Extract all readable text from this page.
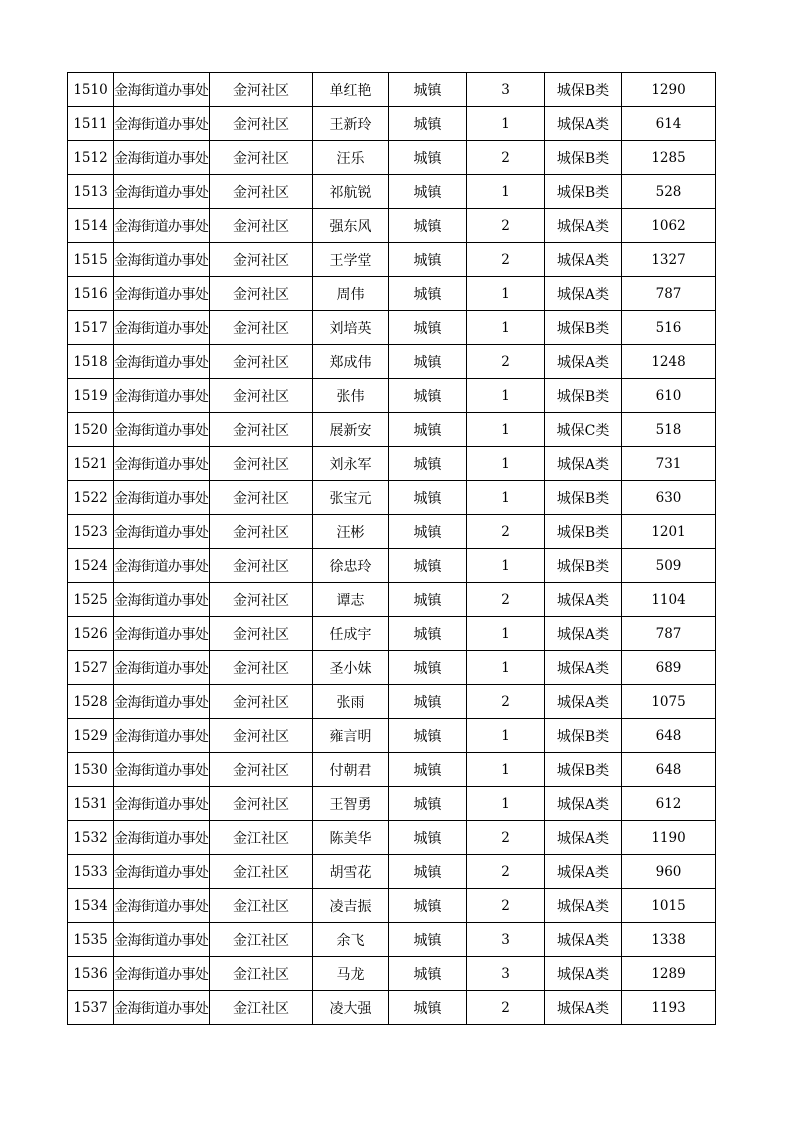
1510	金海街道办事处	金河社区	单红艳	城镇	3	城保B类	1290
1511	金海街道办事处	金河社区	王新玲	城镇	1	城保A类	614
1512	金海街道办事处	金河社区	汪乐	城镇	2	城保B类	1285
1513	金海街道办事处	金河社区	祁航锐	城镇	1	城保B类	528
1514	金海街道办事处	金河社区	强东风	城镇	2	城保A类	1062
1515	金海街道办事处	金河社区	王学堂	城镇	2	城保A类	1327
1516	金海街道办事处	金河社区	周伟	城镇	1	城保A类	787
1517	金海街道办事处	金河社区	刘培英	城镇	1	城保B类	516
1518	金海街道办事处	金河社区	郑成伟	城镇	2	城保A类	1248
1519	金海街道办事处	金河社区	张伟	城镇	1	城保B类	610
1520	金海街道办事处	金河社区	展新安	城镇	1	城保C类	518
1521	金海街道办事处	金河社区	刘永军	城镇	1	城保A类	731
1522	金海街道办事处	金河社区	张宝元	城镇	1	城保B类	630
1523	金海街道办事处	金河社区	汪彬	城镇	2	城保B类	1201
1524	金海街道办事处	金河社区	徐忠玲	城镇	1	城保B类	509
1525	金海街道办事处	金河社区	谭志	城镇	2	城保A类	1104
1526	金海街道办事处	金河社区	任成宇	城镇	1	城保A类	787
1527	金海街道办事处	金河社区	圣小妹	城镇	1	城保A类	689
1528	金海街道办事处	金河社区	张雨	城镇	2	城保A类	1075
1529	金海街道办事处	金河社区	雍言明	城镇	1	城保B类	648
1530	金海街道办事处	金河社区	付朝君	城镇	1	城保B类	648
1531	金海街道办事处	金河社区	王智勇	城镇	1	城保A类	612
1532	金海街道办事处	金江社区	陈美华	城镇	2	城保A类	1190
1533	金海街道办事处	金江社区	胡雪花	城镇	2	城保A类	960
1534	金海街道办事处	金江社区	凌吉振	城镇	2	城保A类	1015
1535	金海街道办事处	金江社区	余飞	城镇	3	城保A类	1338
1536	金海街道办事处	金江社区	马龙	城镇	3	城保A类	1289
1537	金海街道办事处	金江社区	凌大强	城镇	2	城保A类	1193
